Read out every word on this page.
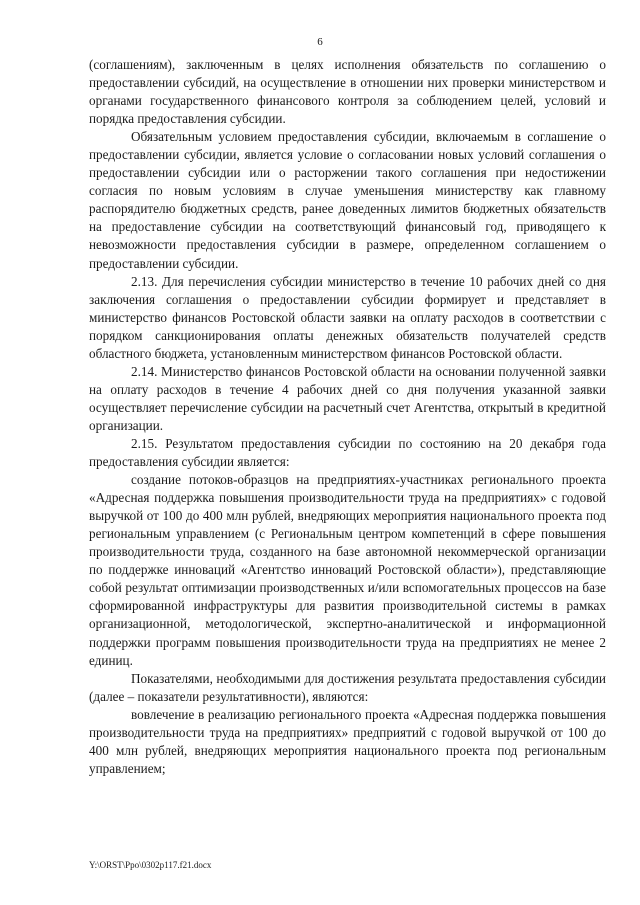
6

(соглашениям), заключенным в целях исполнения обязательств по соглашению о предоставлении субсидий, на осуществление в отношении них проверки министерством и органами государственного финансового контроля за соблюдением целей, условий и порядка предоставления субсидии.

Обязательным условием предоставления субсидии, включаемым в соглашение о предоставлении субсидии, является условие о согласовании новых условий соглашения о предоставлении субсидии или о расторжении такого соглашения при недостижении согласия по новым условиям в случае уменьшения министерству как главному распорядителю бюджетных средств, ранее доведенных лимитов бюджетных обязательств на предоставление субсидии на соответствующий финансовый год, приводящего к невозможности предоставления субсидии в размере, определенном соглашением о предоставлении субсидии.

2.13. Для перечисления субсидии министерство в течение 10 рабочих дней со дня заключения соглашения о предоставлении субсидии формирует и представляет в министерство финансов Ростовской области заявки на оплату расходов в соответствии с порядком санкционирования оплаты денежных обязательств получателей средств областного бюджета, установленным министерством финансов Ростовской области.

2.14. Министерство финансов Ростовской области на основании полученной заявки на оплату расходов в течение 4 рабочих дней со дня получения указанной заявки осуществляет перечисление субсидии на расчетный счет Агентства, открытый в кредитной организации.

2.15. Результатом предоставления субсидии по состоянию на 20 декабря года предоставления субсидии является:

создание потоков-образцов на предприятиях-участниках регионального проекта «Адресная поддержка повышения производительности труда на предприятиях» с годовой выручкой от 100 до 400 млн рублей, внедряющих мероприятия национального проекта под региональным управлением (с Региональным центром компетенций в сфере повышения производительности труда, созданного на базе автономной некоммерческой организации по поддержке инноваций «Агентство инноваций Ростовской области»), представляющие собой результат оптимизации производственных и/или вспомогательных процессов на базе сформированной инфраструктуры для развития производительной системы в рамках организационной, методологической, экспертно-аналитической и информационной поддержки программ повышения производительности труда на предприятиях не менее 2 единиц.

Показателями, необходимыми для достижения результата предоставления субсидии (далее – показатели результативности), являются:

вовлечение в реализацию регионального проекта «Адресная поддержка повышения производительности труда на предприятиях» предприятий с годовой выручкой от 100 до 400 млн рублей, внедряющих мероприятия национального проекта под региональным управлением;

Y:\ORST\Ppo\0302p117.f21.docx
